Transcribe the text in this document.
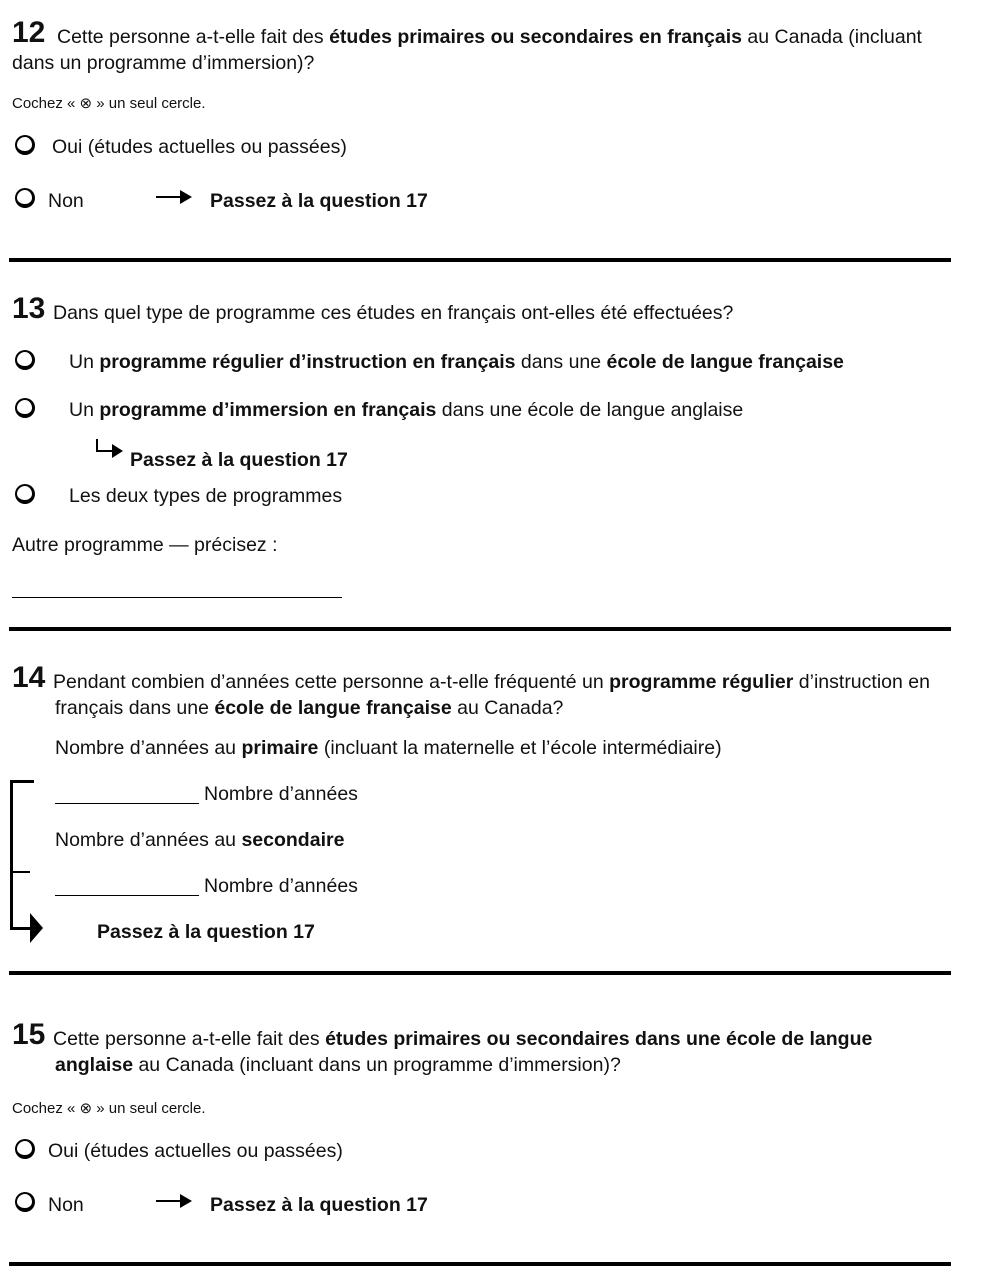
12 Cette personne a-t-elle fait des études primaires ou secondaires en français au Canada (incluant
dans un programme d’immersion)?
Cochez « ⊗ » un seul cercle.
Oui (études actuelles ou passées)
Non	Passez à la question 17
13 Dans quel type de programme ces études en français ont-elles été effectuées?
Un programme régulier d’instruction en français dans une école de langue française
Un programme d’immersion en français dans une école de langue anglaise
Passez à la question 17
Les deux types de programmes
Autre programme — précisez :
14 Pendant combien d’années cette personne a-t-elle fréquenté un programme régulier d’instruction en
français dans une école de langue française au Canada?
Nombre d’années au primaire (incluant la maternelle et l’école intermédiaire)
Nombre d’années
Nombre d’années au secondaire
Nombre d’années
Passez à la question 17
15 Cette personne a-t-elle fait des études primaires ou secondaires dans une école de langue
anglaise au Canada (incluant dans un programme d’immersion)?
Cochez « ⊗ » un seul cercle.
Oui (études actuelles ou passées)
Non	Passez à la question 17
